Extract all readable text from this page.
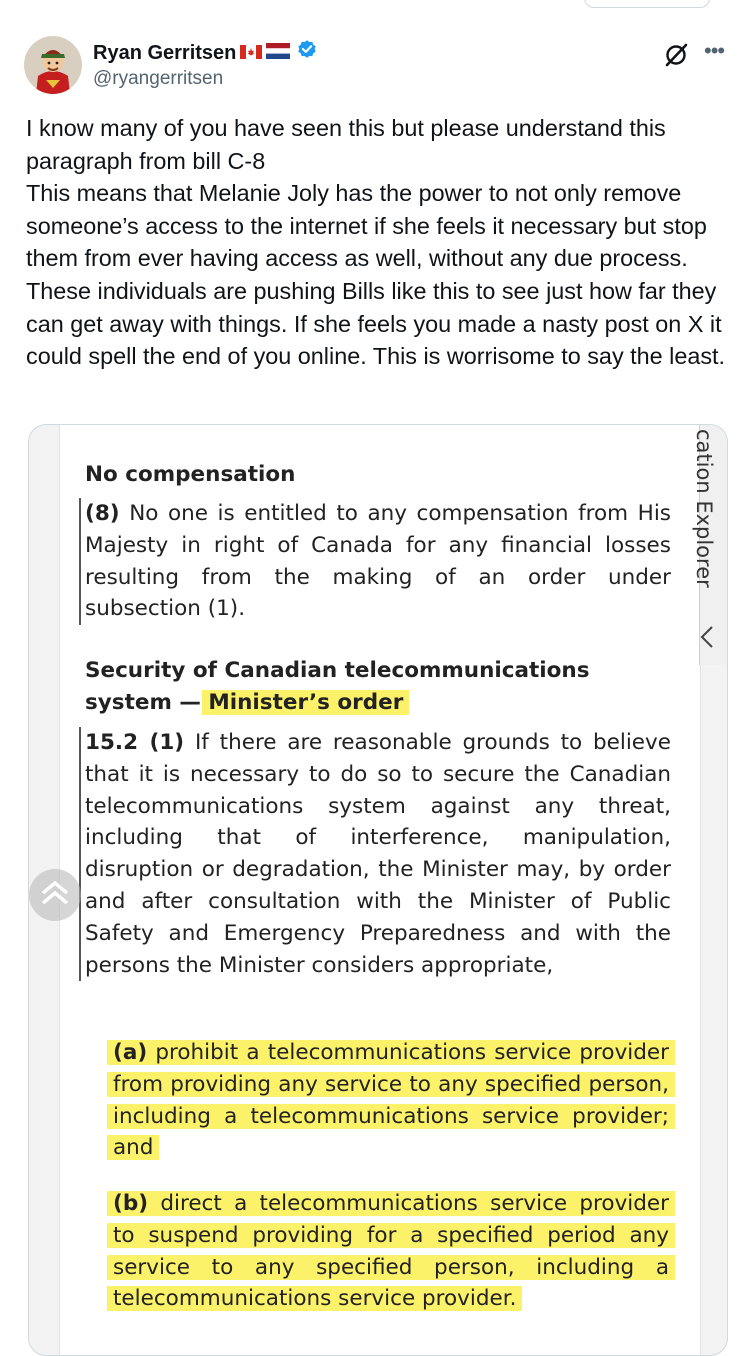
Ryan Gerritsen
@ryangerritsen
•••

I know many of you have seen this but please understand this paragraph from bill C-8

This means that Melanie Joly has the power to not only remove someone’s access to the internet if she feels it necessary but stop them from ever having access as well, without any due process. These individuals are pushing Bills like this to see just how far they can get away with things. If she feels you made a nasty post on X it could spell the end of you online. This is worrisome to say the least.

cation Explorer
No compensation
(8) No one is entitled to any compensation from His Majesty in right of Canada for any financial losses resulting from the making of an order under subsection (1).
Security of Canadian telecommunications system — Minister’s order
15.2 (1) If there are reasonable grounds to believe that it is necessary to do so to secure the Canadian telecommunications system against any threat, including that of interference, manipulation, disruption or degradation, the Minister may, by order and after consultation with the Minister of Public Safety and Emergency Preparedness and with the persons the Minister considers appropriate,
(a) prohibit a telecommunications service provider from providing any service to any specified person, including a telecommunications service provider; and
(b) direct a telecommunications service provider to suspend providing for a specified period any service to any specified person, including a telecommunications service provider.
